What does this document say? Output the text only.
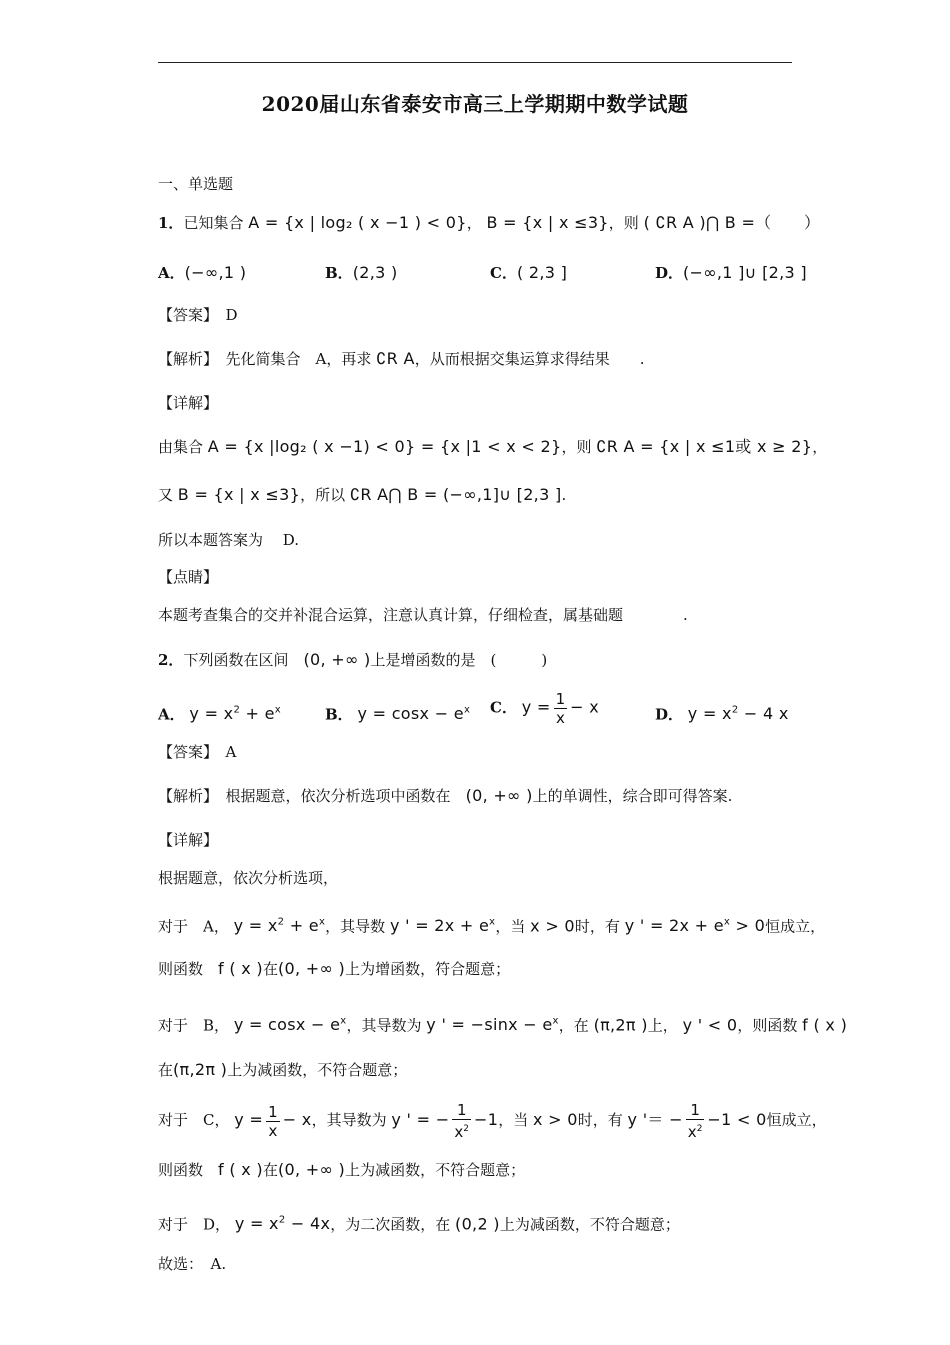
2020届山东省泰安市高三上学期期中数学试题
一、单选题
1．已知集合 A = {x | log₂ ( x −1 ) < 0}， B = {x | x ≤3}，则 ( ∁R A )⋂ B =（　　）
A．(−∞,1 )	B．(2,3 )	C．( 2,3 ]	D．(−∞,1 ]∪ [2,3 ]
【答案】　 D
【解析】　 先化简集合　A，再求 ∁R A，从而根据交集运算求得结果　　.
【详解】
由集合 A = {x |log₂ ( x −1) < 0} = {x |1 < x < 2}，则 ∁R A = {x | x ≤1或 x ≥ 2}，
又 B = {x | x ≤3}，所以 ∁R A⋂ B = (−∞,1]∪ [2,3 ].
所以本题答案为　 D.
【点睛】
本题考查集合的交并补混合运算，注意认真计算，仔细检查，属基础题　　　　.
2．下列函数在区间　 (0, +∞ )上是增函数的是　(　　　)
A． $y = x^2 + e^x$	B． $y = \cos x - e^x$ C． $y = \frac{1}{x} - x$	D． $y = x^2 - 4$ x
【答案】　 A
【解析】　 根据题意，依次分析选项中函数在　 (0, +∞ )上的单调性，综合即可得答案.
【详解】
根据题意，依次分析选项，
对于　A， $y = x^2 + e^x$，其导数 y ' = $2x + e^x$，当 x > 0时，有 y ' = $2x + e^x > 0$恒成立，
则函数　 f ( x )在(0, +∞ )上为增函数，符合题意；
对于　B， $y = \cos x - e^x$，其导数为 y ' = $-\sin x - e^x$，在 (π,2π )上， y ' < 0，则函数 f ( x )
在(π,2π )上为减函数，不符合题意；
对于　C， $y = \frac{1}{x} - x$，其导数为 y ' = − $\frac{1}{x^2} -1$，当 x > 0时，有 y '＝ − $\frac{1}{x^2} -1 < 0$恒成立，
则函数　 f ( x )在(0, +∞ )上为减函数，不符合题意；
对于　D， $y = x^2 - 4x$，为二次函数，在 (0,2 )上为减函数，不符合题意；
故选：　A.
